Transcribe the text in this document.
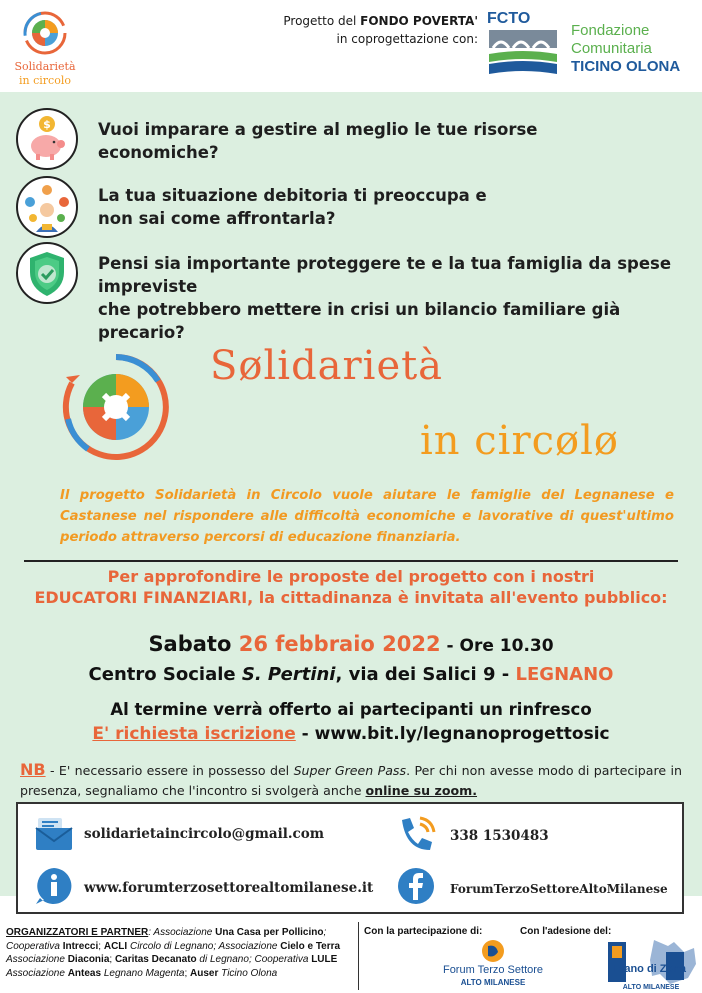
Solidarietà
in circolo
Progetto del FONDO POVERTA'
in coprogettazione con:
FCTO
Fondazione
Comunitaria
TICINO OLONA
$	Vuoi imparare a gestire al meglio le tue risorse
economiche?
La tua situazione debitoria ti preoccupa e
non sai come affrontarla?
Pensi sia importante proteggere te e la tua famiglia da spese impreviste
che potrebbero mettere in crisi un bilancio familiare già precario?
Sølidarietà
in circølø
Il progetto Solidarietà in Circolo vuole aiutare le famiglie del Legnanese e Castanese nel rispondere alle difficoltà economiche e lavorative di quest'ultimo periodo attraverso percorsi di educazione finanziaria.
Per approfondire le proposte del progetto con i nostri
EDUCATORI FINANZIARI, la cittadinanza è invitata all'evento pubblico:
Sabato 26 febbraio 2022 - Ore 10.30
Centro Sociale S. Pertini, via dei Salici 9 - LEGNANO
Al termine verrà offerto ai partecipanti un rinfresco
E' richiesta iscrizione - www.bit.ly/legnanoprogettosic
NB - E' necessario essere in possesso del Super Green Pass. Per chi non avesse modo di partecipare in presenza, segnaliamo che l'incontro si svolgerà anche online su zoom.
solidarietaincircolo@gmail.com	338 1530483
www.forumterzosettorealtomilanese.it	ForumTerzoSettoreAltoMilanese
ORGANIZZATORI E PARTNER: Associazione Una Casa per Pollicino; Cooperativa Intrecci; ACLI Circolo di Legnano; Associazione Cielo e Terra Associazione Diaconia; Caritas Decanato di Legnano; Cooperativa LULE Associazione Anteas Legnano Magenta; Auser Ticino Olona
Con la partecipazione di:	Con l'adesione del:
Forum Terzo Settore
ALTO MILANESE
Piano di Zona
ALTO MILANESE
